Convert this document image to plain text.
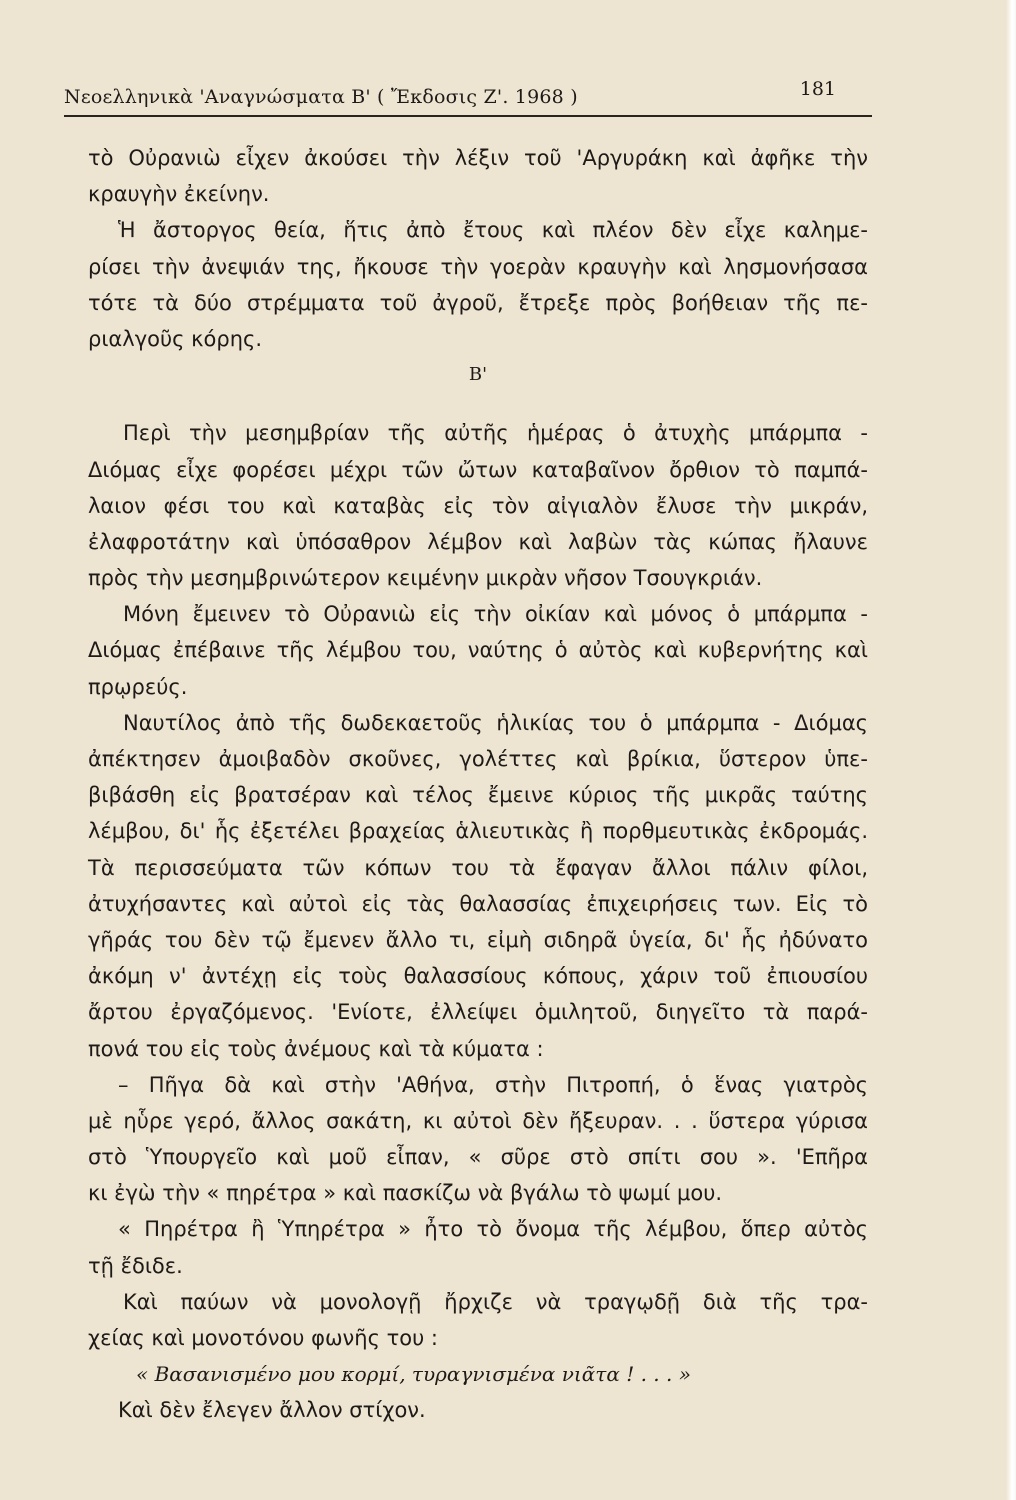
Νεοελληνικὰ 'Αναγνώσματα Β' ( Ἔκδοσις Ζ'. 1968 )	181
τὸ Οὐρανιὼ εἶχεν ἀκούσει τὴν λέξιν τοῦ 'Αργυράκη καὶ ἀφῆκε τὴν
κραυγὴν ἐκείνην.
Ἡ ἄστοργος θεία, ἥτις ἀπὸ ἔτους καὶ πλέον δὲν εἶχε καλημε-
ρίσει τὴν ἀνεψιάν της, ἤκουσε τὴν γοερὰν κραυγὴν καὶ λησμονήσασα
τότε τὰ δύο στρέμματα τοῦ ἀγροῦ, ἔτρεξε πρὸς βοήθειαν τῆς πε-
ριαλγοῦς κόρης.
Β'
Περὶ τὴν μεσημβρίαν τῆς αὐτῆς ἡμέρας ὁ ἀτυχὴς μπάρμπα -
Διόμας εἶχε φορέσει μέχρι τῶν ὤτων καταβαῖνον ὄρθιον τὸ παμπά-
λαιον φέσι του καὶ καταβὰς εἰς τὸν αἰγιαλὸν ἔλυσε τὴν μικράν,
ἐλαφροτάτην καὶ ὑπόσαθρον λέμβον καὶ λαβὼν τὰς κώπας ἤλαυνε
πρὸς τὴν μεσημβρινώτερον κειμένην μικρὰν νῆσον Τσουγκριάν.
Μόνη ἔμεινεν τὸ Οὐρανιὼ εἰς τὴν οἰκίαν καὶ μόνος ὁ μπάρμπα -
Διόμας ἐπέβαινε τῆς λέμβου του, ναύτης ὁ αὐτὸς καὶ κυβερνήτης καὶ
πρῳρεύς.
Ναυτίλος ἀπὸ τῆς δωδεκαετοῦς ἡλικίας του ὁ μπάρμπα - Διόμας
ἀπέκτησεν ἀμοιβαδὸν σκοῦνες, γολέττες καὶ βρίκια, ὕστερον ὑπε-
βιβάσθη εἰς βρατσέραν καὶ τέλος ἔμεινε κύριος τῆς μικρᾶς ταύτης
λέμβου, δι' ἧς ἐξετέλει βραχείας ἁλιευτικὰς ἢ πορθμευτικὰς ἐκδρομάς.
Τὰ περισσεύματα τῶν κόπων του τὰ ἔφαγαν ἄλλοι πάλιν φίλοι,
ἀτυχήσαντες καὶ αὐτοὶ εἰς τὰς θαλασσίας ἐπιχειρήσεις των. Εἰς τὸ
γῆράς του δὲν τῷ ἔμενεν ἄλλο τι, εἰμὴ σιδηρᾶ ὑγεία, δι' ἧς ἠδύνατο
ἀκόμη ν' ἀντέχῃ εἰς τοὺς θαλασσίους κόπους, χάριν τοῦ ἐπιουσίου
ἄρτου ἐργαζόμενος. 'Ενίοτε, ἐλλείψει ὁμιλητοῦ, διηγεῖτο τὰ παρά-
πονά του εἰς τοὺς ἀνέμους καὶ τὰ κύματα :
– Πῆγα δὰ καὶ στὴν 'Αθήνα, στὴν Πιτροπή, ὁ ἕνας γιατρὸς
μὲ ηὗρε γερό, ἄλλος σακάτη, κι αὐτοὶ δὲν ἤξευραν. . . ὕστερα γύρισα
στὸ Ὑπουργεῖο καὶ μοῦ εἶπαν, « σῦρε στὸ σπίτι σου ». 'Επῆρα
κι ἐγὼ τὴν « πηρέτρα » καὶ πασκίζω νὰ βγάλω τὸ ψωμί μου.
« Πηρέτρα ἢ Ὑπηρέτρα » ἦτο τὸ ὄνομα τῆς λέμβου, ὅπερ αὐτὸς
τῇ ἔδιδε.
Καὶ παύων νὰ μονολογῇ ἤρχιζε νὰ τραγῳδῇ διὰ τῆς τρα-
χείας καὶ μονοτόνου φωνῆς του :
« Βασανισμένο μου κορμί, τυραγνισμένα νιᾶτα ! . . . »
Καὶ δὲν ἔλεγεν ἄλλον στίχον.
